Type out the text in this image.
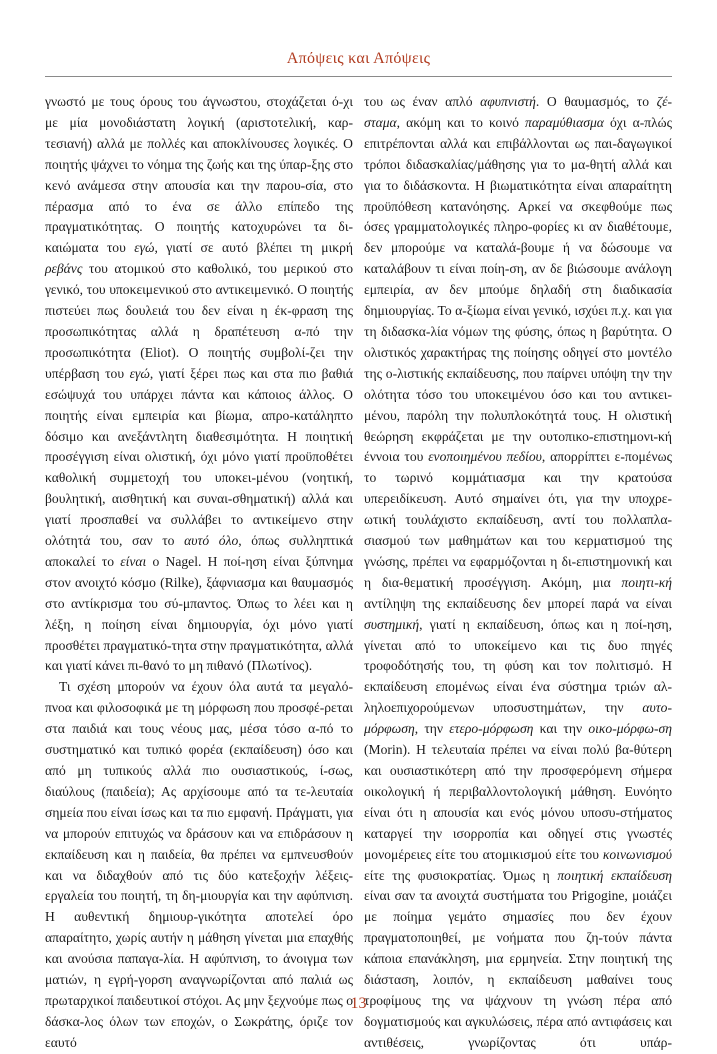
Απόψεις και Απόψεις

γνωστό με τους όρους του άγνωστου, στοχάζεται ό-χι με μία μονοδιάστατη λογική (αριστοτελική, καρ-τεσιανή) αλλά με πολλές και αποκλίνουσες λογικές. Ο ποιητής ψάχνει το νόημα της ζωής και της ύπαρ-ξης στο κενό ανάμεσα στην απουσία και την παρου-σία, στο πέρασμα από το ένα σε άλλο επίπεδο της πραγματικότητας. Ο ποιητής κατοχυρώνει τα δι-καιώματα του εγώ, γιατί σε αυτό βλέπει τη μικρή ρεβάνς του ατομικού στο καθολικό, του μερικού στο γενικό, του υποκειμενικού στο αντικειμενικό. Ο ποιητής πιστεύει πως δουλειά του δεν είναι η έκ-φραση της προσωπικότητας αλλά η δραπέτευση α-πό την προσωπικότητα (Eliot). Ο ποιητής συμβολί-ζει την υπέρβαση του εγώ, γιατί ξέρει πως και στα πιο βαθιά εσώψυχά του υπάρχει πάντα και κάποιος άλλος. Ο ποιητής είναι εμπειρία και βίωμα, απρο-κατάληπτο δόσιμο και ανεξάντλητη διαθεσιμότητα. Η ποιητική προσέγγιση είναι ολιστική, όχι μόνο γιατί προϋποθέτει καθολική συμμετοχή του υποκει-μένου (νοητική, βουλητική, αισθητική και συναι-σθηματική) αλλά και γιατί προσπαθεί να συλλάβει το αντικείμενο στην ολότητά του, σαν το αυτό όλο, όπως συλληπτικά αποκαλεί το είναι ο Nagel. Η ποί-ηση είναι ξύπνημα στον ανοιχτό κόσμο (Rilke), ξάφνιασμα και θαυμασμός στο αντίκρισμα του σύ-μπαντος. Όπως το λέει και η λέξη, η ποίηση είναι δημιουργία, όχι μόνο γιατί προσθέτει πραγματικό-τητα στην πραγματικότητα, αλλά και γιατί κάνει πι-θανό το μη πιθανό (Πλωτίνος).

Τι σχέση μπορούν να έχουν όλα αυτά τα μεγαλό-πνοα και φιλοσοφικά με τη μόρφωση που προσφέ-ρεται στα παιδιά και τους νέους μας, μέσα τόσο α-πό το συστηματικό και τυπικό φορέα (εκπαίδευση) όσο και από μη τυπικούς αλλά πιο ουσιαστικούς, ί-σως, διαύλους (παιδεία); Ας αρχίσουμε από τα τε-λευταία σημεία που είναι ίσως και τα πιο εμφανή. Πράγματι, για να μπορούν επιτυχώς να δράσουν και να επιδράσουν η εκπαίδευση και η παιδεία, θα πρέπει να εμπνευσθούν και να διδαχθούν από τις δύο κατεξοχήν λέξεις-εργαλεία του ποιητή, τη δη-μιουργία και την αφύπνιση. Η αυθεντική δημιουρ-γικότητα αποτελεί όρο απαραίτητο, χωρίς αυτήν η μάθηση γίνεται μια επαχθής και ανούσια παπαγα-λία. Η αφύπνιση, το άνοιγμα των ματιών, η εγρή-γορση αναγνωρίζονται από παλιά ως πρωταρχικοί παιδευτικοί στόχοι. Ας μην ξεχνούμε πως ο δάσκα-λος όλων των εποχών, ο Σωκράτης, όριζε τον εαυτό

του ως έναν απλό αφυπνιστή. Ο θαυμασμός, το ζέ-σταμα, ακόμη και το κοινό παραμύθιασμα όχι α-πλώς επιτρέπονται αλλά και επιβάλλονται ως παι-δαγωγικοί τρόποι διδασκαλίας/μάθησης για το μα-θητή αλλά και για το διδάσκοντα. Η βιωματικότητα είναι απαραίτητη προϋπόθεση κατανόησης. Αρκεί να σκεφθούμε πως όσες γραμματολογικές πληρο-φορίες κι αν διαθέτουμε, δεν μπορούμε να καταλά-βουμε ή να δώσουμε να καταλάβουν τι είναι ποίη-ση, αν δε βιώσουμε ανάλογη εμπειρία, αν δεν μπούμε δηλαδή στη διαδικασία δημιουργίας. Το α-ξίωμα είναι γενικό, ισχύει π.χ. και για τη διδασκα-λία νόμων της φύσης, όπως η βαρύτητα. Ο ολιστικός χαρακτήρας της ποίησης οδηγεί στο μοντέλο της ο-λιστικής εκπαίδευσης, που παίρνει υπόψη την την ολότητα τόσο του υποκειμένου όσο και του αντικει-μένου, παρόλη την πολυπλοκότητά τους. Η ολιστική θεώρηση εκφράζεται με την ουτοπικο-επιστημονι-κή έννοια του ενοποιημένου πεδίου, απορρίπτει ε-πομένως το τωρινό κομμάτιασμα και την κρατούσα υπερειδίκευση. Αυτό σημαίνει ότι, για την υποχρε-ωτική τουλάχιστο εκπαίδευση, αντί του πολλαπλα-σιασμού των μαθημάτων και του κερματισμού της γνώσης, πρέπει να εφαρμόζονται η δι-επιστημονική και η δια-θεματική προσέγγιση. Ακόμη, μια ποιητι-κή αντίληψη της εκπαίδευσης δεν μπορεί παρά να είναι συστημική, γιατί η εκπαίδευση, όπως και η ποί-ηση, γίνεται από το υποκείμενο και τις δυο πηγές τροφοδότησής του, τη φύση και τον πολιτισμό. Η εκπαίδευση επομένως είναι ένα σύστημα τριών αλ-ληλοεπιχορούμενων υποσυστημάτων, την αυτο-μόρφωση, την ετερο-μόρφωση και την οικο-μόρφω-ση (Morin). Η τελευταία πρέπει να είναι πολύ βα-θύτερη και ουσιαστικότερη από την προσφερόμενη σήμερα οικολογική ή περιβαλλοντολογική μάθηση. Ευνόητο είναι ότι η απουσία και ενός μόνου υποσυ-στήματος καταργεί την ισορροπία και οδηγεί στις γνωστές μονομέρειες είτε του ατομικισμού είτε του κοινωνισμού είτε της φυσιοκρατίας. Όμως η ποιητική εκπαίδευση είναι σαν τα ανοιχτά συστήματα του Prigogine, μοιάζει με ποίημα γεμάτο σημασίες που δεν έχουν πραγματοποιηθεί, με νοήματα που ζη-τούν πάντα κάποια επανάκληση, μια ερμηνεία. Στην ποιητική της διάσταση, λοιπόν, η εκπαίδευση μαθαίνει τους τροφίμους της να ψάχνουν τη γνώση πέρα από δογματισμούς και αγκυλώσεις, πέρα από αντιφάσεις και αντιθέσεις, γνωρίζοντας ότι υπάρ-

13
